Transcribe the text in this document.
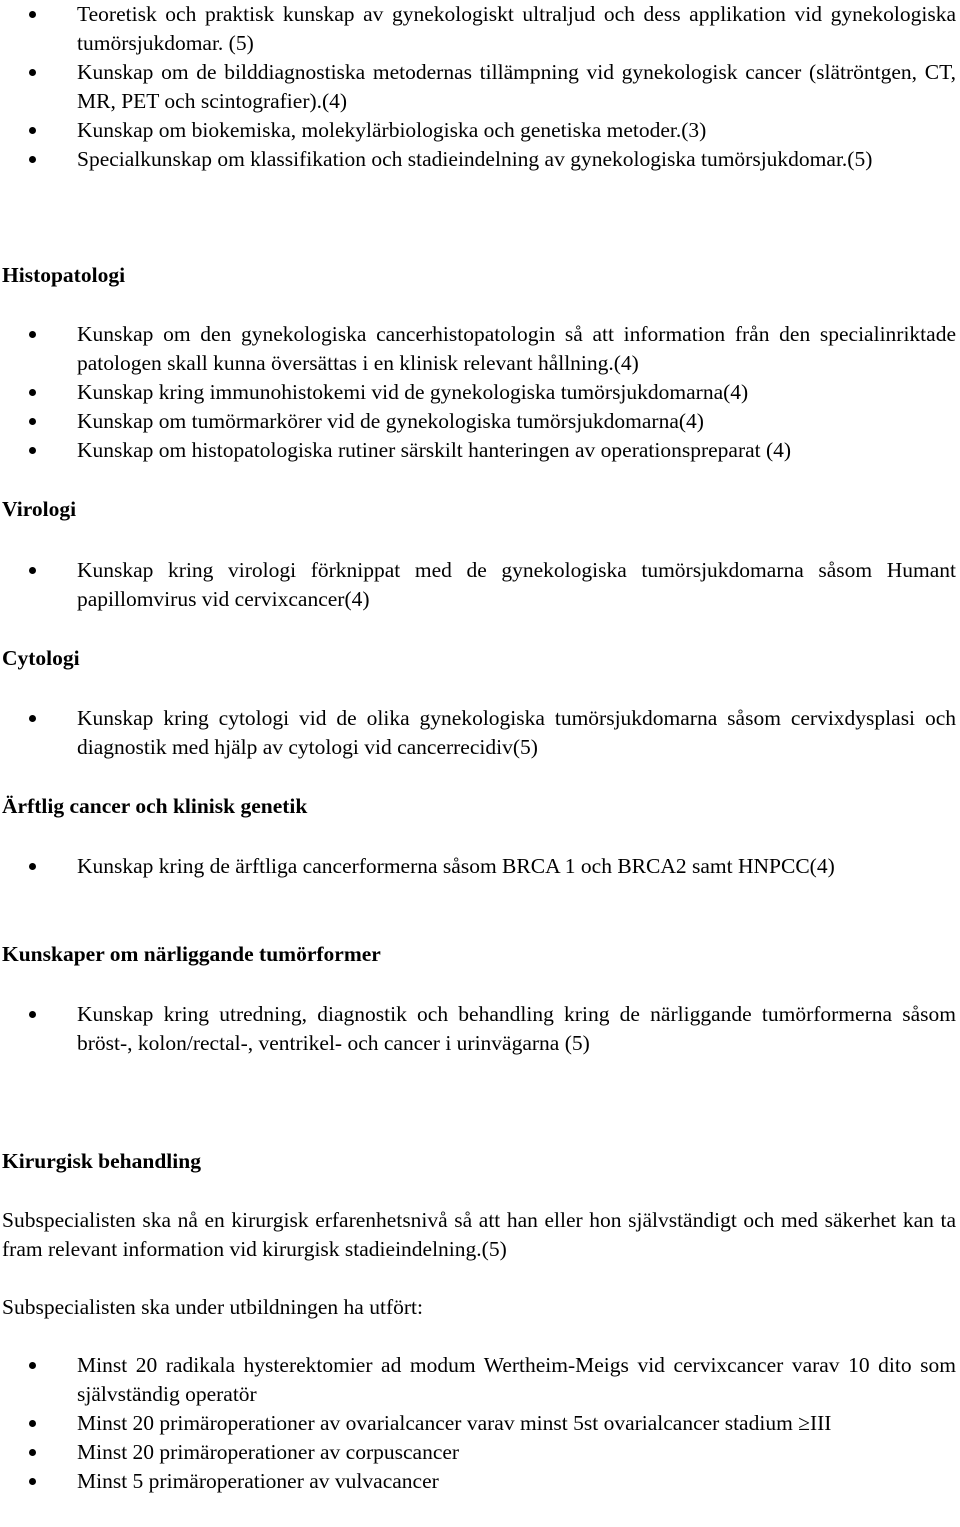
Teoretisk och praktisk kunskap av gynekologiskt ultraljud och dess applikation vid gynekologiska tumörsjukdomar. (5)
Kunskap om de bilddiagnostiska metodernas tillämpning vid gynekologisk cancer (slätröntgen, CT, MR, PET och scintografier).(4)
Kunskap om biokemiska, molekylärbiologiska och genetiska metoder.(3)
Specialkunskap om klassifikation och stadieindelning av gynekologiska tumörsjukdomar.(5)
Histopatologi
Kunskap om den gynekologiska cancerhistopatologin så att information från den specialinriktade patologen skall kunna översättas i en klinisk relevant hållning.(4)
Kunskap kring immunohistokemi vid de gynekologiska tumörsjukdomarna(4)
Kunskap om tumörmarkörer vid de gynekologiska tumörsjukdomarna(4)
Kunskap om histopatologiska rutiner särskilt hanteringen av operationspreparat (4)
Virologi
Kunskap kring virologi förknippat med de gynekologiska tumörsjukdomarna såsom Humant papillomvirus vid cervixcancer(4)
Cytologi
Kunskap kring cytologi vid de olika gynekologiska tumörsjukdomarna såsom cervixdysplasi och diagnostik med hjälp av cytologi vid cancerrecidiv(5)
Ärftlig cancer och klinisk genetik
Kunskap kring de ärftliga cancerformerna såsom BRCA 1 och BRCA2 samt HNPCC(4)
Kunskaper om närliggande tumörformer
Kunskap kring utredning, diagnostik och behandling kring de närliggande tumörformerna såsom bröst-, kolon/rectal-, ventrikel- och cancer i urinvägarna (5)
Kirurgisk behandling

Subspecialisten ska nå en kirurgisk erfarenhetsnivå så att han eller hon självständigt och med säkerhet kan ta fram relevant information vid kirurgisk stadieindelning.(5)

Subspecialisten ska under utbildningen ha utfört:

Minst 20 radikala hysterektomier ad modum Wertheim-Meigs vid cervixcancer varav 10 dito som självständig operatör
Minst 20 primäroperationer av ovarialcancer varav minst 5st ovarialcancer stadium ≥III
Minst 20 primäroperationer av corpuscancer
Minst 5 primäroperationer av vulvacancer
